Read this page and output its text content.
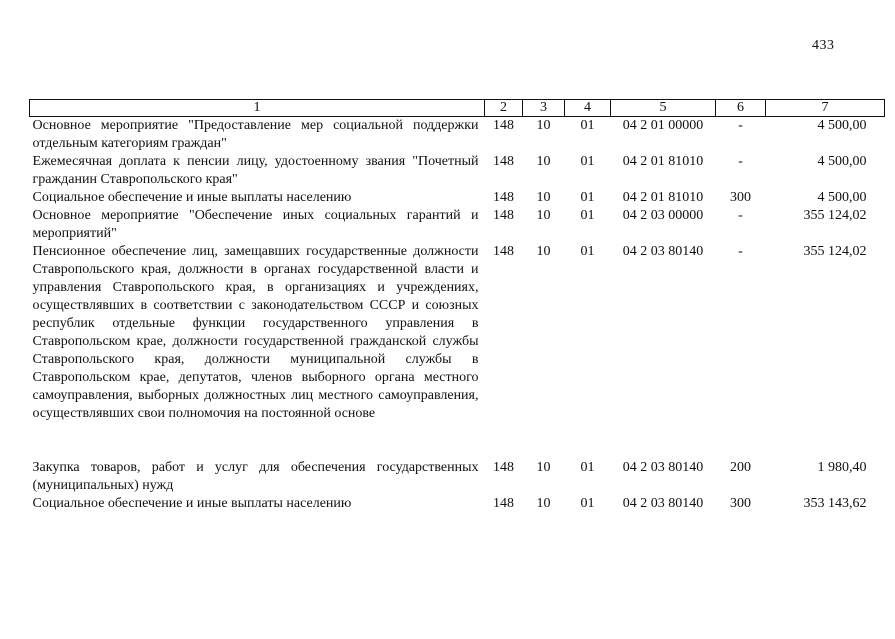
433
1	2	3	4	5	6	7
Основное мероприятие "Предоставление мер социальной поддержки отдельным категориям граждан"	148	10	01	04 2 01 00000	-	4 500,00
Ежемесячная доплата к пенсии лицу, удостоенному звания "Почетный гражданин Ставропольского края"	148	10	01	04 2 01 81010	-	4 500,00
Социальное обеспечение и иные выплаты населению	148	10	01	04 2 01 81010	300	4 500,00
Основное мероприятие "Обеспечение иных социальных гарантий и мероприятий"	148	10	01	04 2 03 00000	-	355 124,02
Пенсионное обеспечение лиц, замещавших государственные должности Ставропольского края, должности в органах государственной власти и управления Ставропольского края, в организациях и учреждениях, осуществлявших в соответствии с законодательством СССР и союзных республик отдельные функции государственного управления в Ставропольском крае, должности государственной гражданской службы Ставропольского края, должности муниципальной службы в Ставропольском крае, депутатов, членов выборного органа местного самоуправления, выборных должностных лиц местного самоуправления, осуществлявших свои полномочия на постоянной основе	148	10	01	04 2 03 80140	-	355 124,02

Закупка товаров, работ и услуг для обеспечения государственных (муниципальных) нужд	148	10	01	04 2 03 80140	200	1 980,40
Социальное обеспечение и иные выплаты населению	148	10	01	04 2 03 80140	300	353 143,62
